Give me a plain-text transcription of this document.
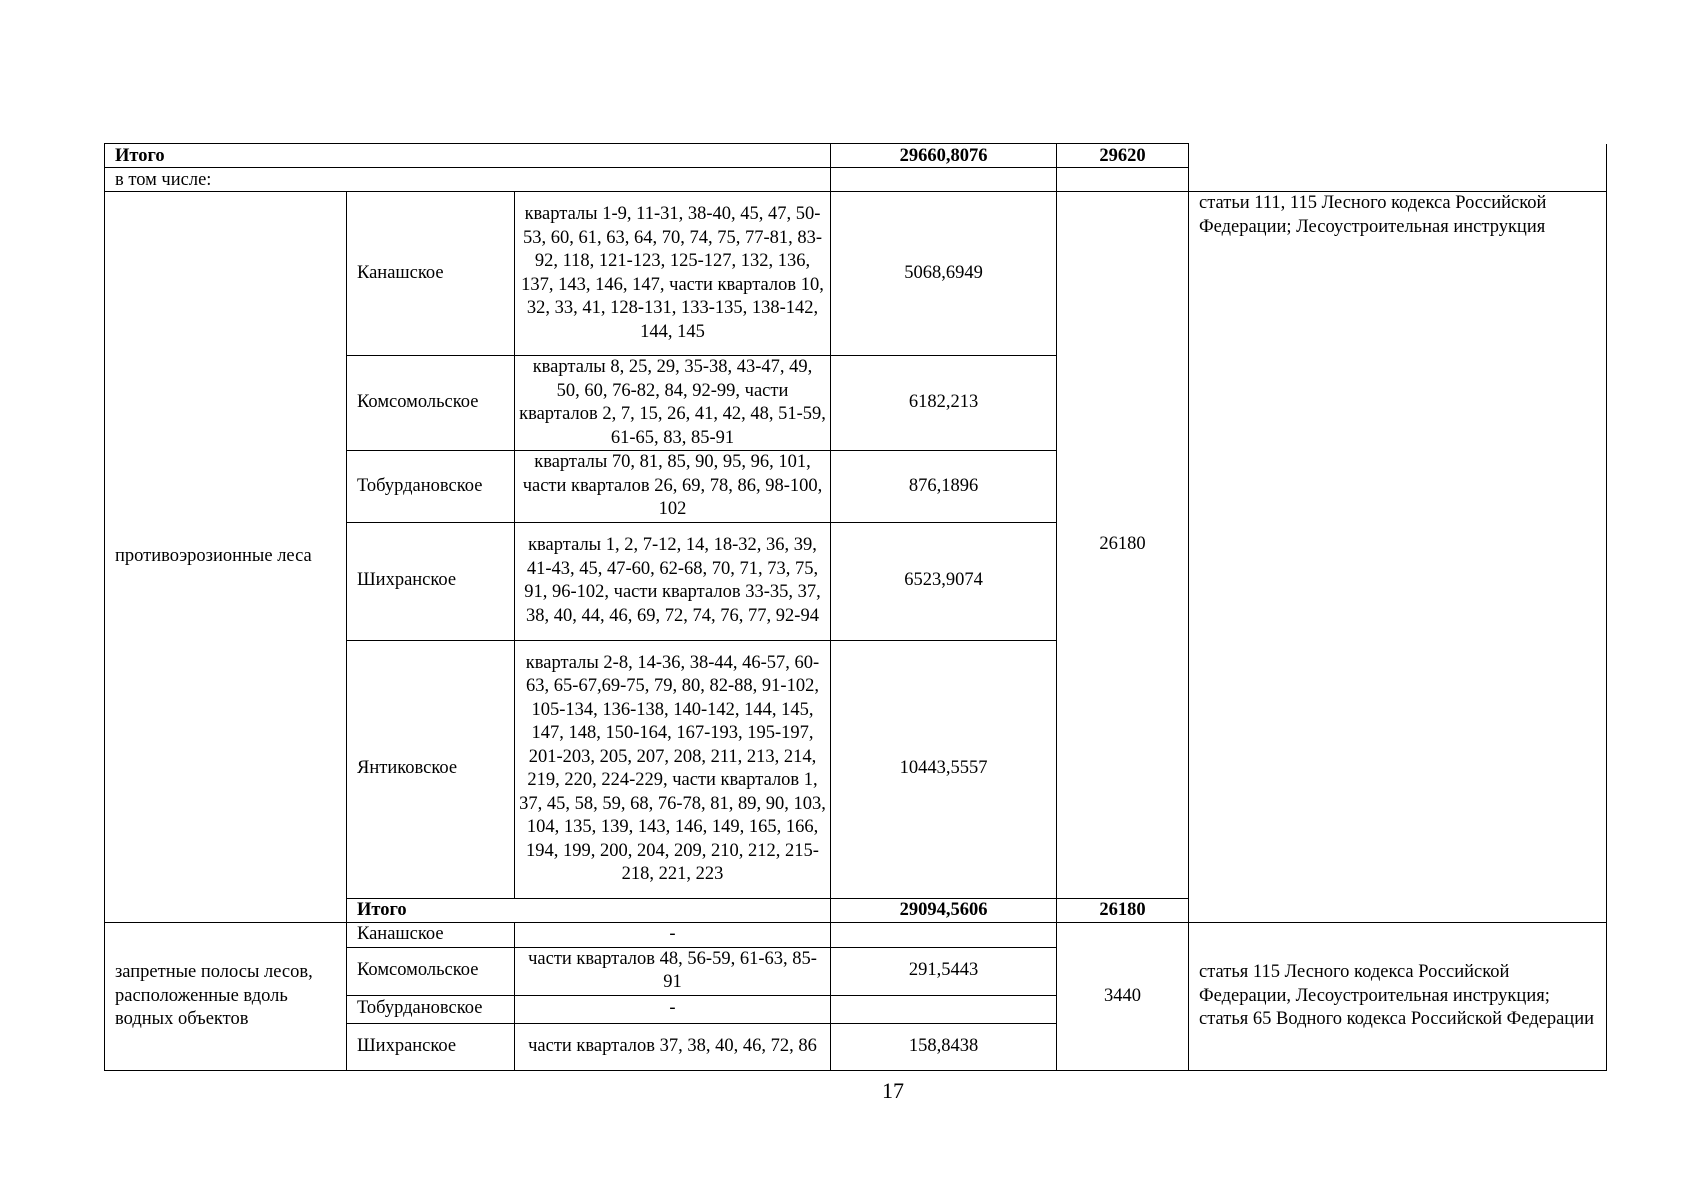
Итого			29660,8076	29620	
в том числе:					
противоэрозионные леса	Канашское	кварталы 1-9, 11-31, 38-40, 45, 47, 50-53, 60, 61, 63, 64, 70, 74, 75, 77-81, 83-92, 118, 121-123, 125-127, 132, 136, 137, 143, 146, 147, части кварталов 10, 32, 33, 41, 128-131, 133-135, 138-142, 144, 145	5068,6949	26180	статьи 111, 115 Лесного кодекса Российской Федерации; Лесоустроительная инструкция
	Комсомольское	кварталы 8, 25, 29, 35-38, 43-47, 49, 50, 60, 76-82, 84, 92-99, части кварталов 2, 7, 15, 26, 41, 42, 48, 51-59, 61-65, 83, 85-91	6182,213		
	Тобурдановское	кварталы 70, 81, 85, 90, 95, 96, 101, части кварталов 26, 69, 78, 86, 98-100, 102	876,1896		
	Шихранское	кварталы 1, 2, 7-12, 14, 18-32, 36, 39, 41-43, 45, 47-60, 62-68, 70, 71, 73, 75, 91, 96-102, части кварталов 33-35, 37, 38, 40, 44, 46, 69, 72, 74, 76, 77, 92-94	6523,9074		
	Янтиковское	кварталы 2-8, 14-36, 38-44, 46-57, 60-63, 65-67,69-75, 79, 80, 82-88, 91-102, 105-134, 136-138, 140-142, 144, 145, 147, 148, 150-164, 167-193, 195-197, 201-203, 205, 207, 208, 211, 213, 214, 219, 220, 224-229, части кварталов 1, 37, 45, 58, 59, 68, 76-78, 81, 89, 90, 103, 104, 135, 139, 143, 146, 149, 165, 166, 194, 199, 200, 204, 209, 210, 212, 215-218, 221, 223	10443,5557		
	Итого		29094,5606	26180	
запретные полосы лесов, расположенные вдоль водных объектов	Канашское	-		3440	статья 115 Лесного кодекса Российской Федерации, Лесоустроительная инструкция; статья 65 Водного кодекса Российской Федерации
	Комсомольское	части кварталов 48, 56-59, 61-63, 85-91	291,5443		
	Тобурдановское	-			
	Шихранское	части кварталов 37, 38, 40, 46, 72, 86	158,8438		
17
